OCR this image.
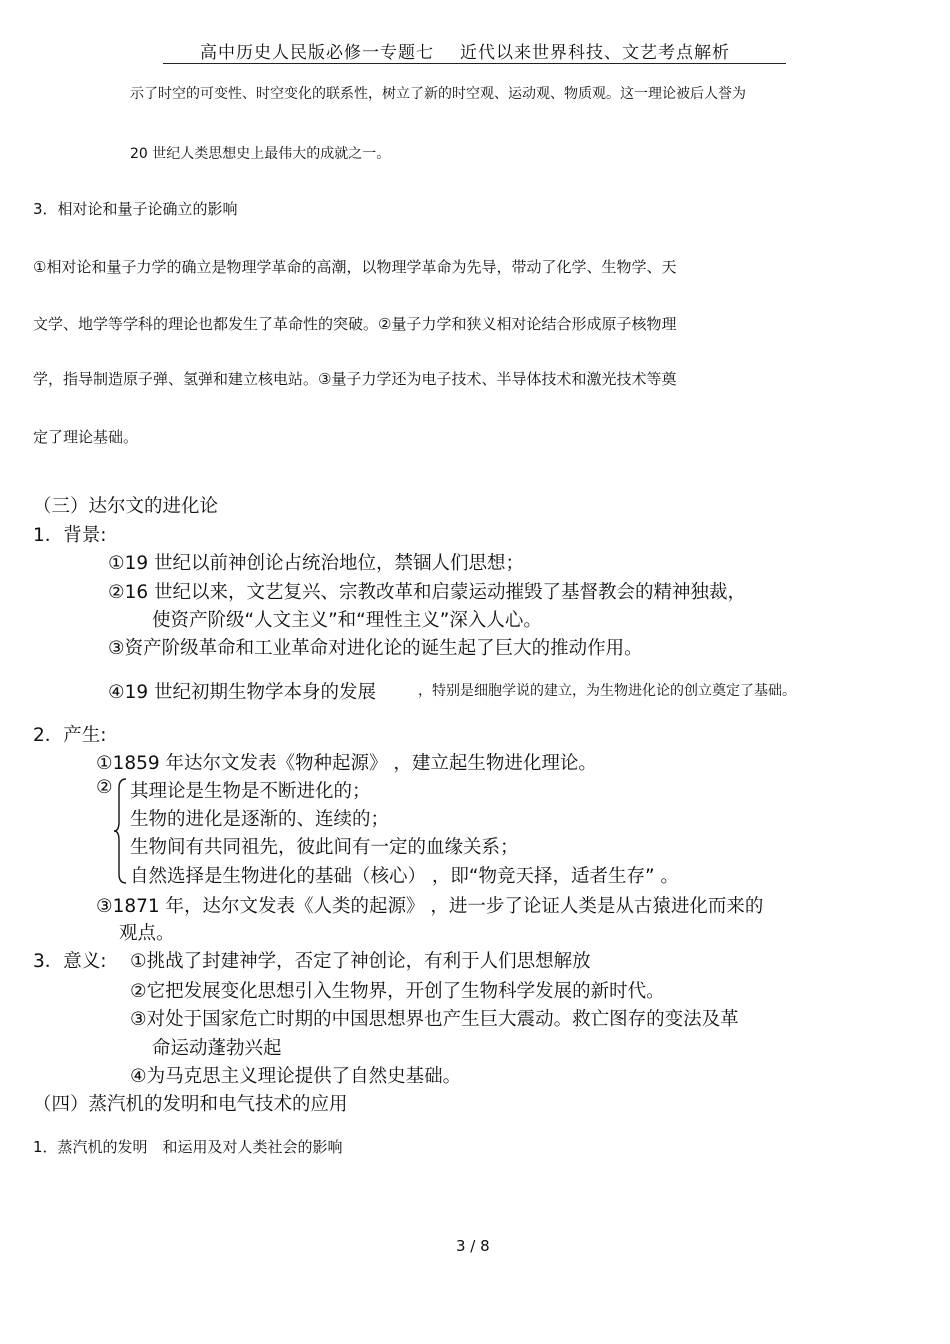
高中历史人民版必修一专题七 近代以来世界科技、文艺考点解析
示了时空的可变性、时空变化的联系性，树立了新的时空观、运动观、物质观。这一理论被后人誉为
20 世纪人类思想史上最伟大的成就之一。
3．相对论和量子论确立的影响
①相对论和量子力学的确立是物理学革命的高潮，以物理学革命为先导，带动了化学、生物学、天
文学、地学等学科的理论也都发生了革命性的突破。②量子力学和狭义相对论结合形成原子核物理
学，指导制造原子弹、氢弹和建立核电站。③量子力学还为电子技术、半导体技术和激光技术等奠
定了理论基础。
（三）达尔文的进化论
1．背景:
①19 世纪以前神创论占统治地位，禁锢人们思想；
②16 世纪以来，文艺复兴、宗教改革和启蒙运动摧毁了基督教会的精神独裁，
使资产阶级“人文主义”和“理性主义”深入人心。
③资产阶级革命和工业革命对进化论的诞生起了巨大的推动作用。
④19 世纪初期生物学本身的发展	，特别是细胞学说的建立，为生物进化论的创立奠定了基础。
2．产生:
①1859 年达尔文发表《物种起源》 ，建立起生物进化理论。
② 其理论是生物是不断进化的；
生物的进化是逐渐的、连续的；
生物间有共同祖先，彼此间有一定的血缘关系；
自然选择是生物进化的基础（核心） ，即“物竞天择，适者生存” 。
③1871 年，达尔文发表《人类的起源》 ，进一步了论证人类是从古猿进化而来的
观点。
3．意义: ①挑战了封建神学，否定了神创论，有利于人们思想解放
②它把发展变化思想引入生物界，开创了生物科学发展的新时代。
③对处于国家危亡时期的中国思想界也产生巨大震动。救亡图存的变法及革
命运动蓬勃兴起
④为马克思主义理论提供了自然史基础。
（四）蒸汽机的发明和电气技术的应用
1．蒸汽机的发明　和运用及对人类社会的影响
3 / 8
